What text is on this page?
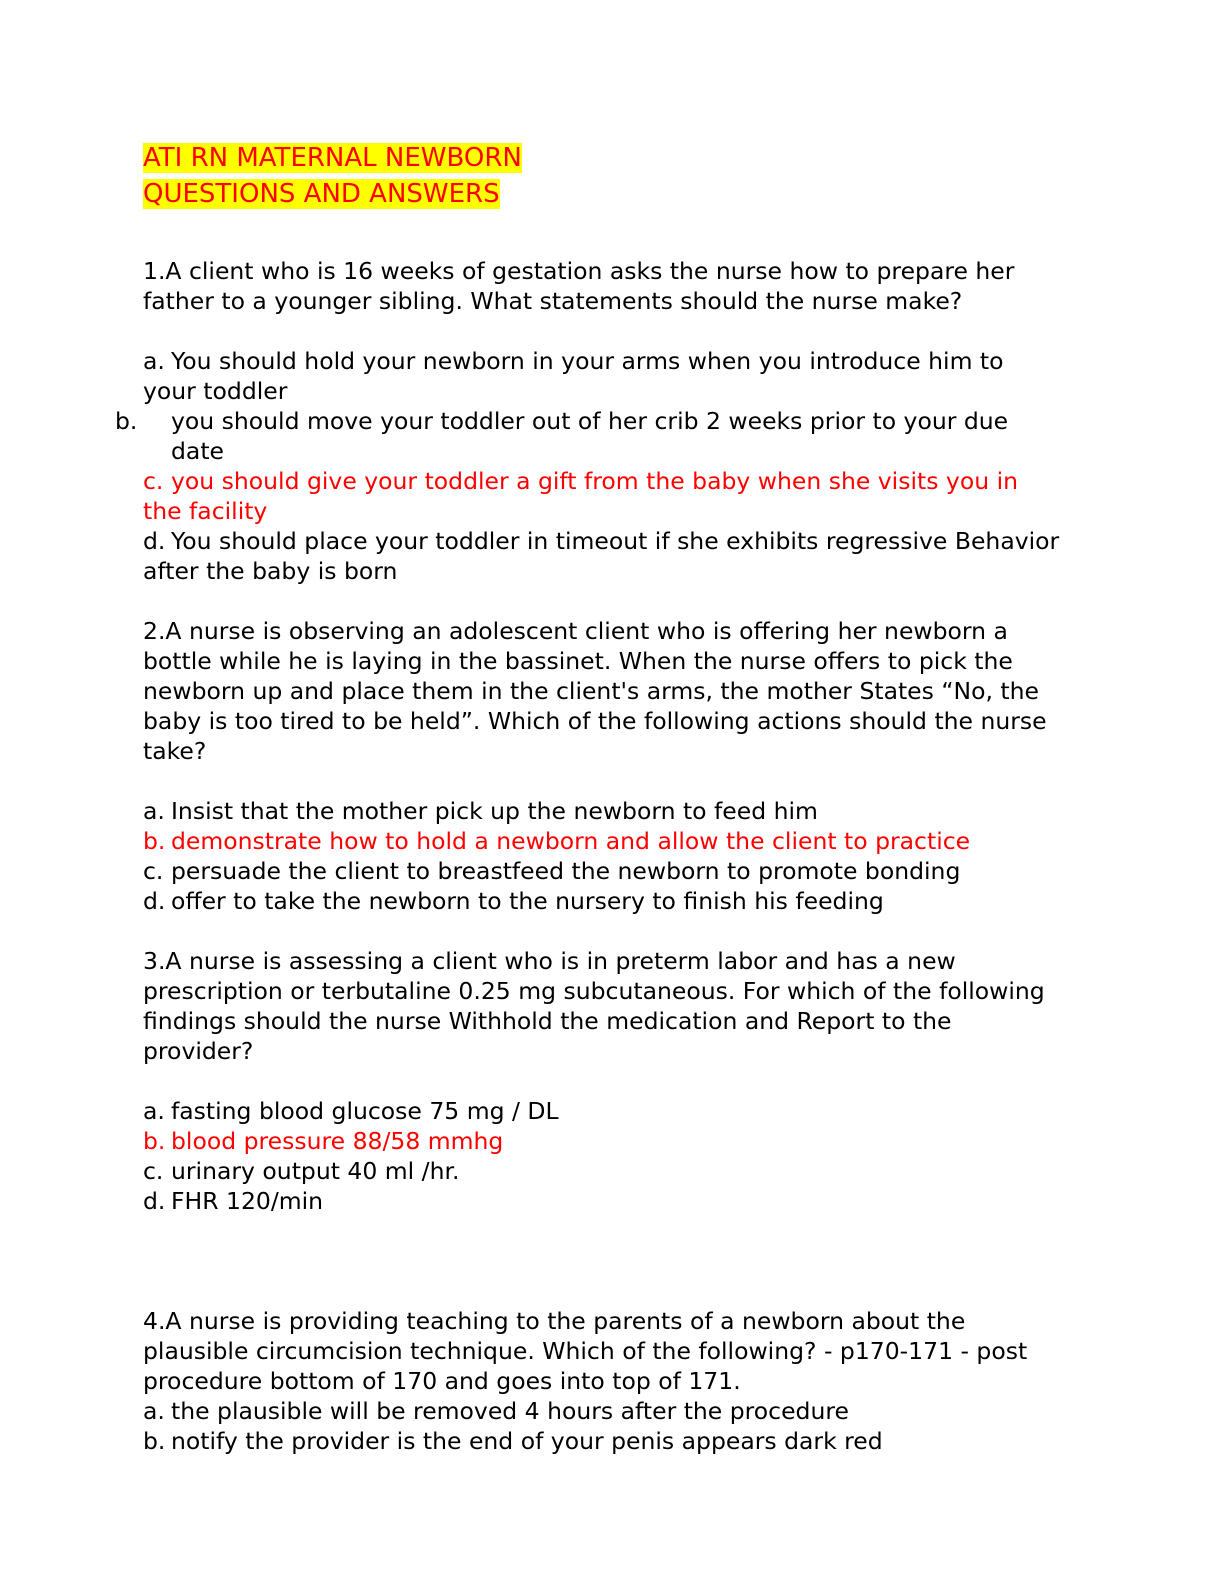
ATI RN MATERNAL NEWBORN
QUESTIONS AND ANSWERS

1.A client who is 16 weeks of gestation asks the nurse how to prepare her father to a younger sibling. What statements should the nurse make?

a. You should hold your newborn in your arms when you introduce him to your toddler

b. you should move your toddler out of her crib 2 weeks prior to your due date

c. you should give your toddler a gift from the baby when she visits you in the facility

d. You should place your toddler in timeout if she exhibits regressive Behavior after the baby is born

2.A nurse is observing an adolescent client who is offering her newborn a bottle while he is laying in the bassinet. When the nurse offers to pick the newborn up and place them in the client's arms, the mother States “No, the baby is too tired to be held”. Which of the following actions should the nurse take?

a. Insist that the mother pick up the newborn to feed him

b. demonstrate how to hold a newborn and allow the client to practice

c. persuade the client to breastfeed the newborn to promote bonding

d. offer to take the newborn to the nursery to finish his feeding

3.A nurse is assessing a client who is in preterm labor and has a new prescription or terbutaline 0.25 mg subcutaneous. For which of the following findings should the nurse Withhold the medication and Report to the provider?

a. fasting blood glucose 75 mg / DL

b. blood pressure 88/58 mmhg

c. urinary output 40 ml /hr.

d. FHR 120/min

4.A nurse is providing teaching to the parents of a newborn about the plausible circumcision technique. Which of the following? - p170-171 - post procedure bottom of 170 and goes into top of 171.

a. the plausible will be removed 4 hours after the procedure

b. notify the provider is the end of your penis appears dark red
